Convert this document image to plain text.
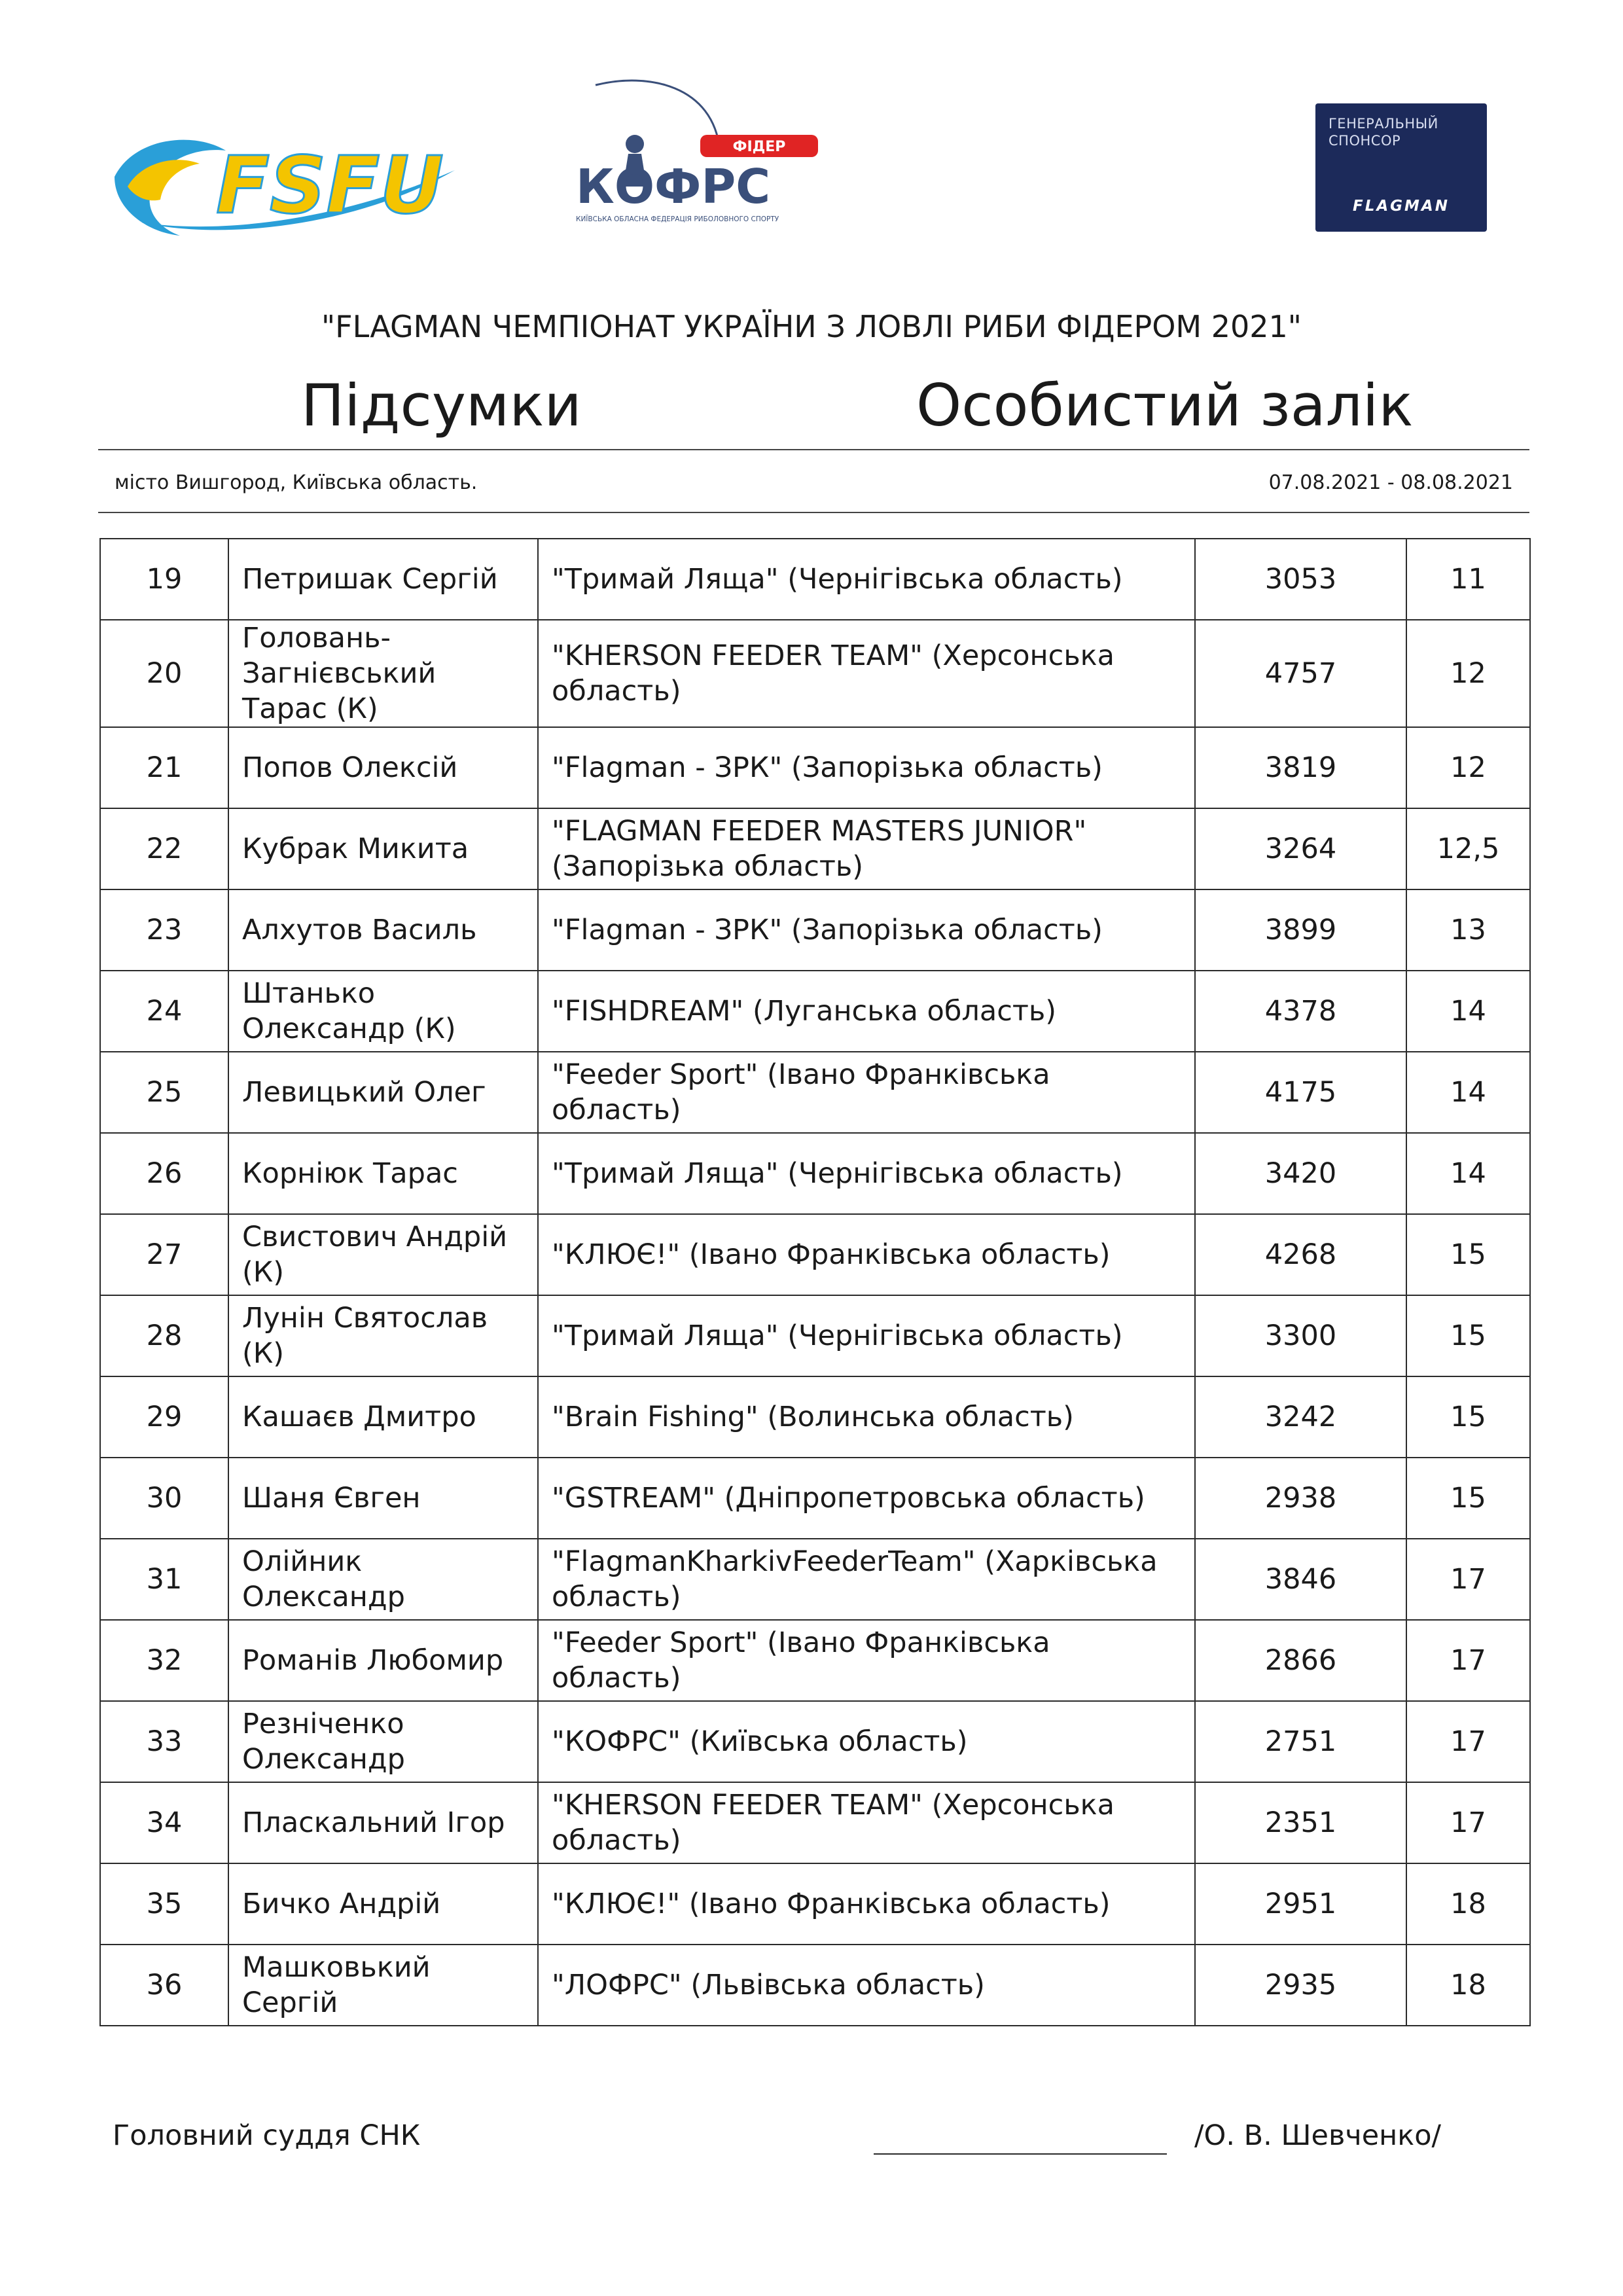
FSFU	ФІДЕР
КОФРС
КИЇВСЬКА ОБЛАСНА ФЕДЕРАЦІЯ РИБОЛОВНОГО СПОРТУ
ГЕНЕРАЛЬНЫЙ
СПОНСОР
FLAGMAN
"FLAGMAN ЧЕМПІОНАТ УКРАЇНИ З ЛОВЛІ РИБИ ФІДЕРОМ 2021"
Підсумки	Особистий залік
місто Вишгород, Київська область.	07.08.2021 - 08.08.2021
19	Петришак Сергій	"Тримай Ляща" (Чернігівська область)	3053	11
20	Головань-Загнієвський Тарас (К)	"KHERSON FEEDER TEAM" (Херсонська область)	4757	12
21	Попов Олексій	"Flagman - ЗРК" (Запорізька область)	3819	12
22	Кубрак Микита	"FLAGMAN FEEDER MASTERS JUNIOR" (Запорізька область)	3264	12,5
23	Алхутов Василь	"Flagman - ЗРК" (Запорізька область)	3899	13
24	Штанько Олександр (К)	"FISHDREAM" (Луганська область)	4378	14
25	Левицький Олег	"Feeder Sport" (Івано Франківська область)	4175	14
26	Корнiюк Тарас	"Тримай Ляща" (Чернігівська область)	3420	14
27	Свистович Андрій (К)	"КЛЮЄ!" (Івано Франківська область)	4268	15
28	Лунін Святослав (К)	"Тримай Ляща" (Чернігівська область)	3300	15
29	Кашаєв Дмитро	"Brain Fishing" (Волинська область)	3242	15
30	Шаня Євген	"GSTREAM" (Дніпропетровська область)	2938	15
31	Олійник Олександр	"FlagmanKharkivFeederTeam" (Харківська область)	3846	17
32	Романів Любомир	"Feeder Sport" (Івано Франківська область)	2866	17
33	Резніченко Олександр	"КОФРС" (Київська область)	2751	17
34	Пласкальний Ігор	"KHERSON FEEDER TEAM" (Херсонська область)	2351	17
35	Бичко Андрій	"КЛЮЄ!" (Івано Франківська область)	2951	18
36	Машковький Сергій	"ЛОФРС" (Львівська область)	2935	18
Головний суддя СНК	/О. В. Шевченко/
